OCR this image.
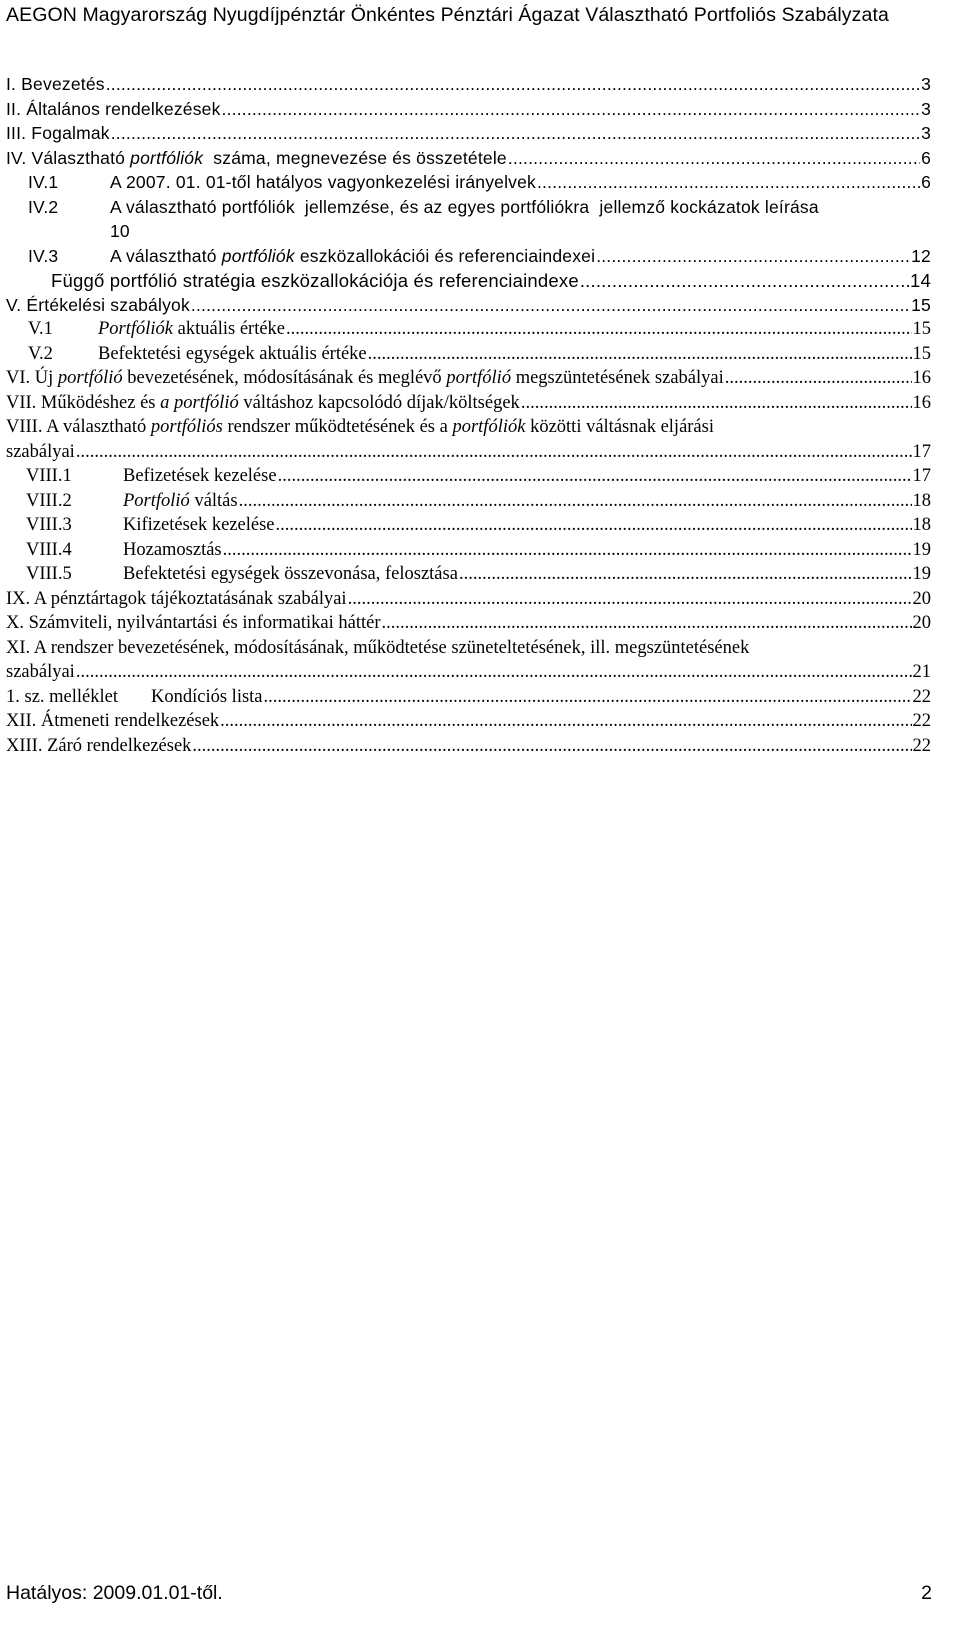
AEGON Magyarország Nyugdíjpénztár Önkéntes Pénztári Ágazat Választható Portfoliós Szabályzata
I. Bevezetés .....	3
II. Általános rendelkezések .....	3
III. Fogalmak .....	3
IV. Választható portfóliók  száma, megnevezése és összetétele .....	6
IV.1	A 2007. 01. 01-től hatályos vagyonkezelési irányelvek .....	6
IV.2	A választható portfóliók  jellemzése, és az egyes portfóliókra  jellemző kockázatok leírása
10
IV.3	A választható portfóliók eszközallokációi és referenciaindexei .....	12
Függő portfólió stratégia eszközallokációja és referenciaindexe .....	14
V. Értékelési szabályok .....	15
V.1	Portfóliók aktuális értéke .....	15
V.2	Befektetési egységek aktuális értéke .....	15
VI. Új portfólió bevezetésének, módosításának és meglévő portfólió megszüntetésének szabályai .....	16
VII. Működéshez és a portfólió váltáshoz kapcsolódó díjak/költségek .....	16
VIII. A választható portfóliós rendszer működtetésének és a portfóliók közötti váltásnak eljárási
szabályai .....	17
VIII.1	Befizetések kezelése .....	17
VIII.2	Portfolió váltás .....	18
VIII.3	Kifizetések kezelése .....	18
VIII.4	Hozamosztás .....	19
VIII.5	Befektetési egységek összevonása, felosztása .....	19
IX. A pénztártagok tájékoztatásának szabályai .....	20
X. Számviteli, nyilvántartási és informatikai háttér .....	20
XI. A rendszer bevezetésének, módosításának, működtetése szüneteltetésének, ill. megszüntetésének
szabályai .....	21
1. sz. melléklet	Kondíciós lista .....	22
XII. Átmeneti rendelkezések .....	22
XIII. Záró rendelkezések .....	22
Hatályos: 2009.01.01-től.	2
